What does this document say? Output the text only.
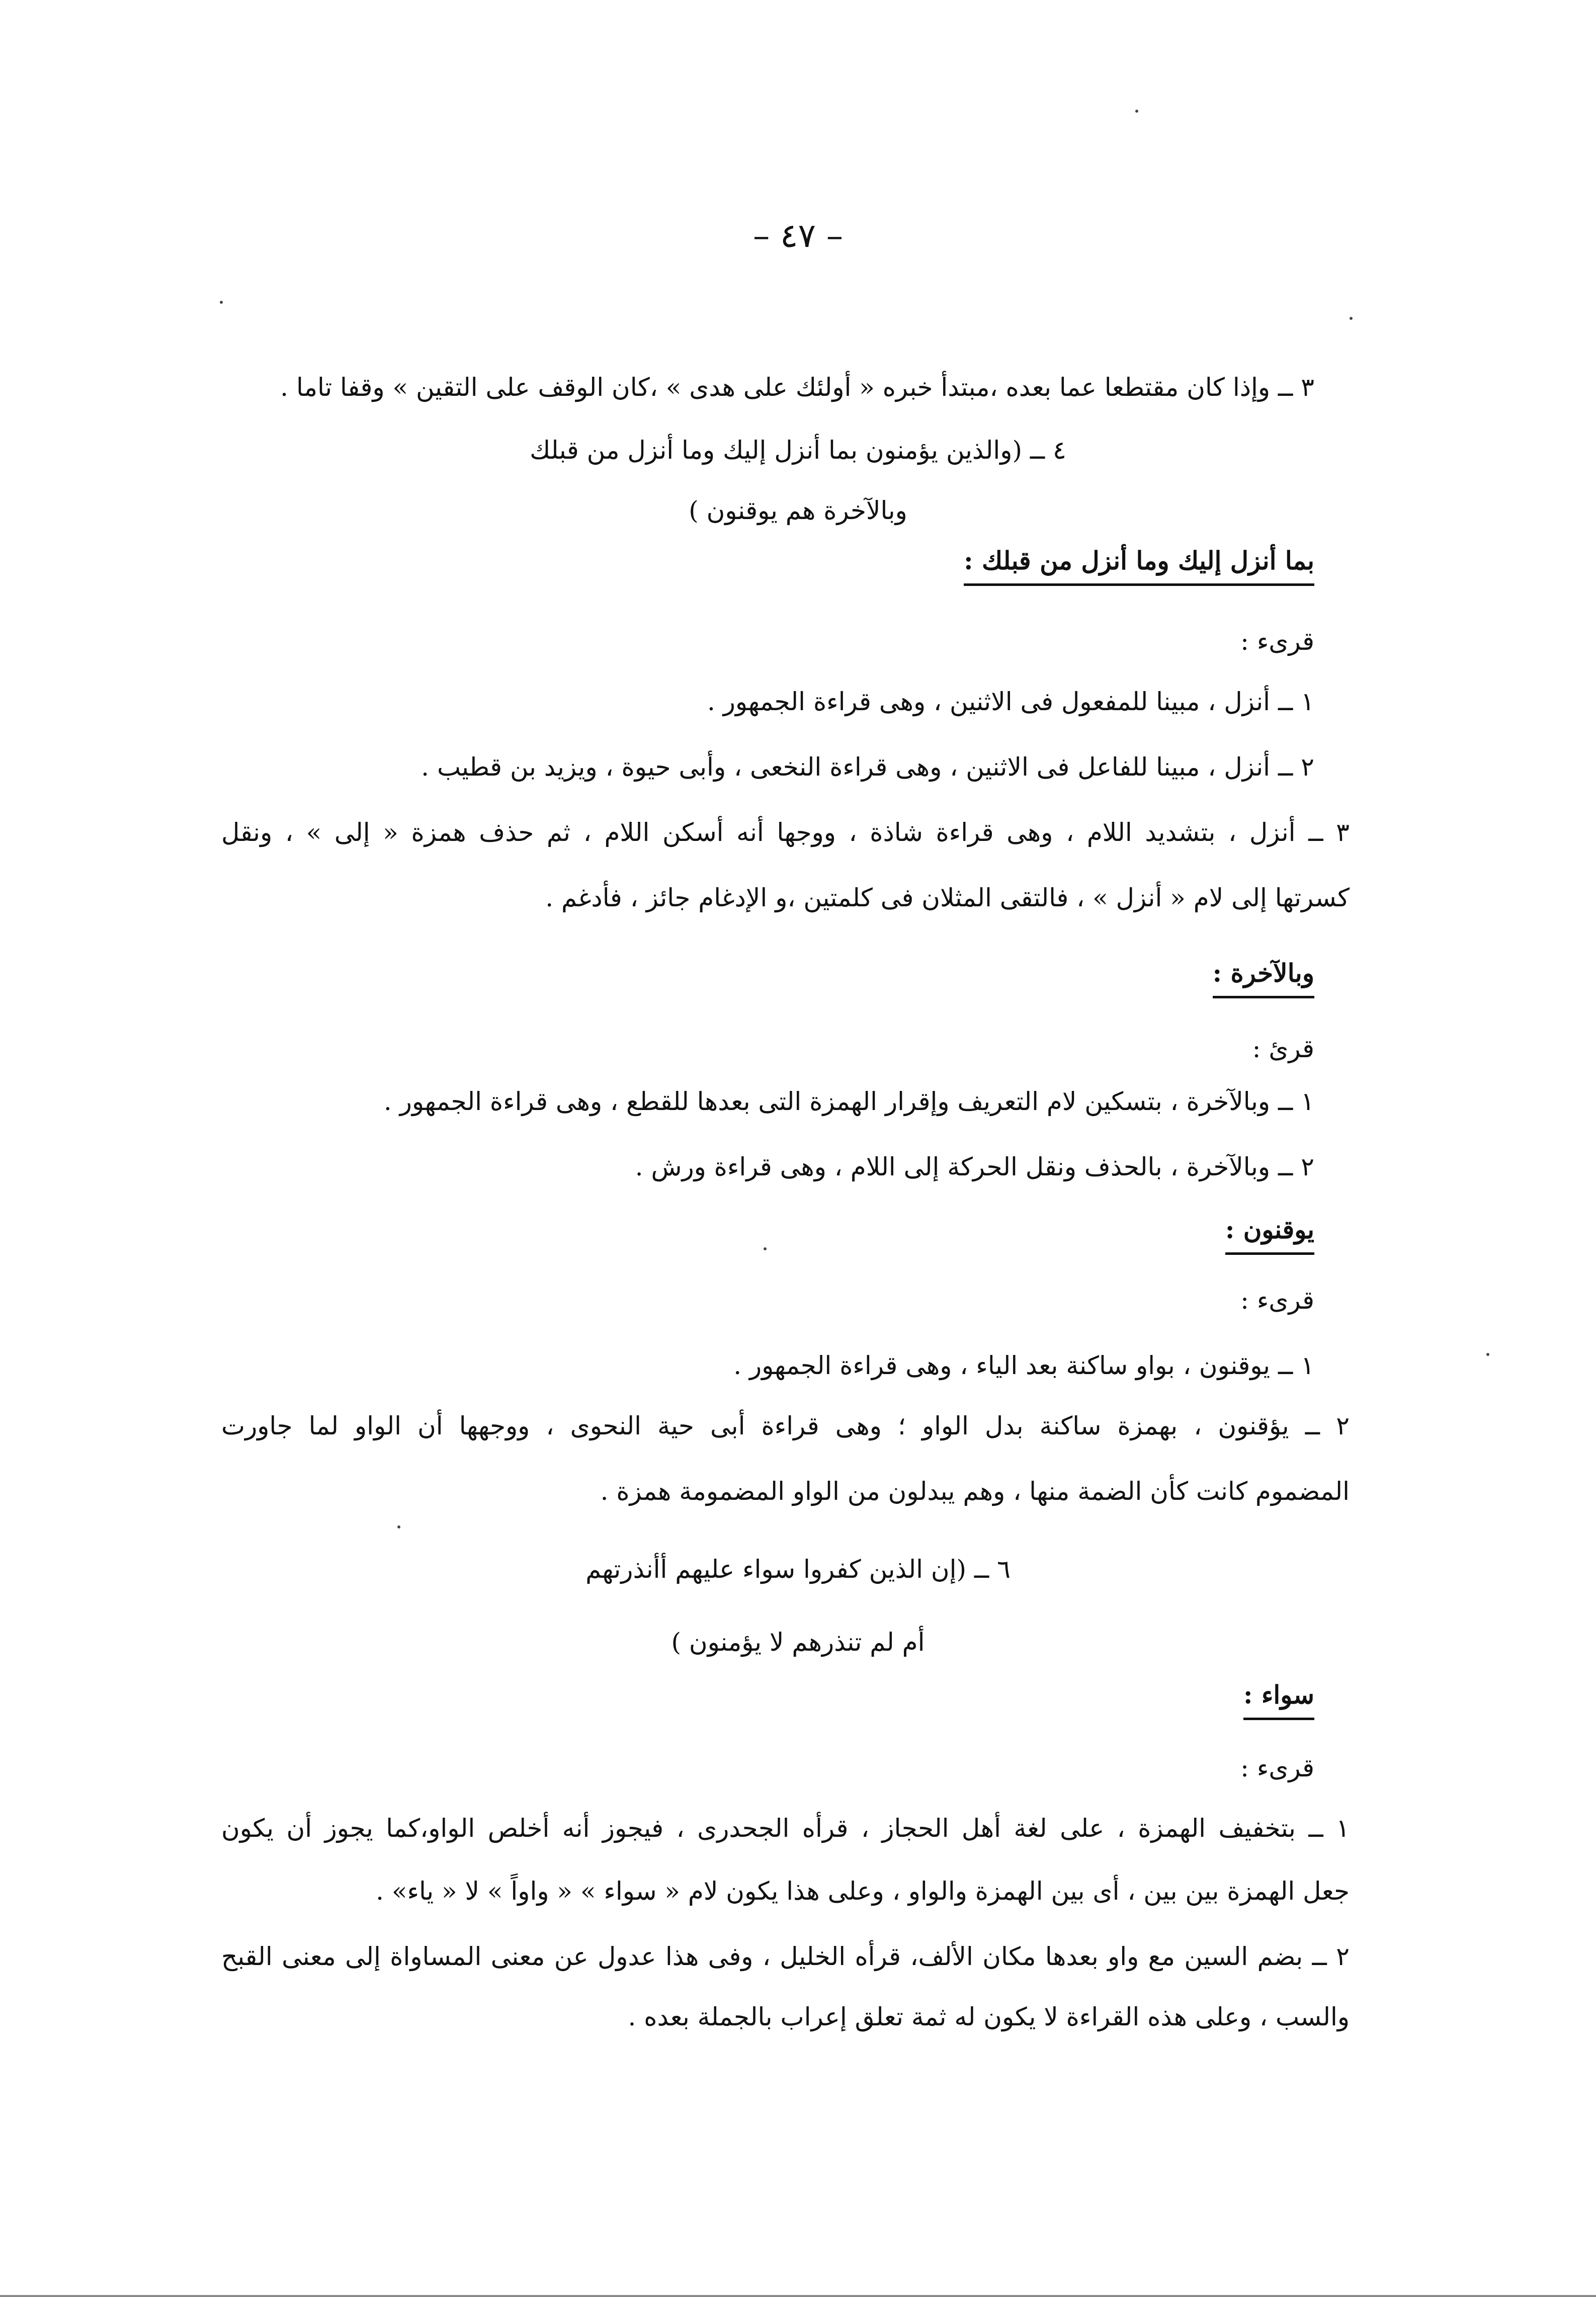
– ٤٧ –
٣ ــ وإذا كان مقتطعا عما بعده ،مبتدأ خبره « أولئك على هدى » ،كان الوقف على التقين » وقفا تاما .
٤ ــ (والذين يؤمنون بما أنزل إليك وما أنزل من قبلك
وبالآخرة هم يوقنون )
بما أنزل إليك وما أنزل من قبلك :
قرىء :
١ ــ أنزل ، مبينا للمفعول فى الاثنين ، وهى قراءة الجمهور .
٢ ــ أنزل ، مبينا للفاعل فى الاثنين ، وهى قراءة النخعى ، وأبى حيوة ، ويزيد بن قطيب .
٣ ــ أنزل ، بتشديد اللام ، وهى قراءة شاذة ، ووجها أنه أسكن اللام ، ثم حذف همزة « إلى » ، ونقل
كسرتها إلى لام « أنزل » ، فالتقى المثلان فى كلمتين ،و الإدغام جائز ، فأدغم .
وبالآخرة :
قرئ :
١ ــ وبالآخرة ، بتسكين لام التعريف وإقرار الهمزة التى بعدها للقطع ، وهى قراءة الجمهور .
٢ ــ وبالآخرة ، بالحذف ونقل الحركة إلى اللام ، وهى قراءة ورش .
يوقنون :
قرىء :
١ ــ يوقنون ، بواو ساكنة بعد الياء ، وهى قراءة الجمهور .
٢ ــ يؤقنون ، بهمزة ساكنة بدل الواو ؛ وهى قراءة أبى حية النحوى ، ووجهها أن الواو لما جاورت
المضموم كانت كأن الضمة منها ، وهم يبدلون من الواو المضمومة همزة .
٦ ــ (إن الذين كفروا سواء عليهم أأنذرتهم
أم لم تنذرهم لا يؤمنون )
سواء :
قرىء :
١ ــ بتخفيف الهمزة ، على لغة أهل الحجاز ، قرأه الجحدرى ، فيجوز أنه أخلص الواو،كما يجوز أن يكون
جعل الهمزة بين بين ، أى بين الهمزة والواو ، وعلى هذا يكون لام « سواء » « واواً » لا « ياء» .
٢ ــ بضم السين مع واو بعدها مكان الألف، قرأه الخليل ، وفى هذا عدول عن معنى المساواة إلى معنى القبح
والسب ، وعلى هذه القراءة لا يكون له ثمة تعلق إعراب بالجملة بعده .
